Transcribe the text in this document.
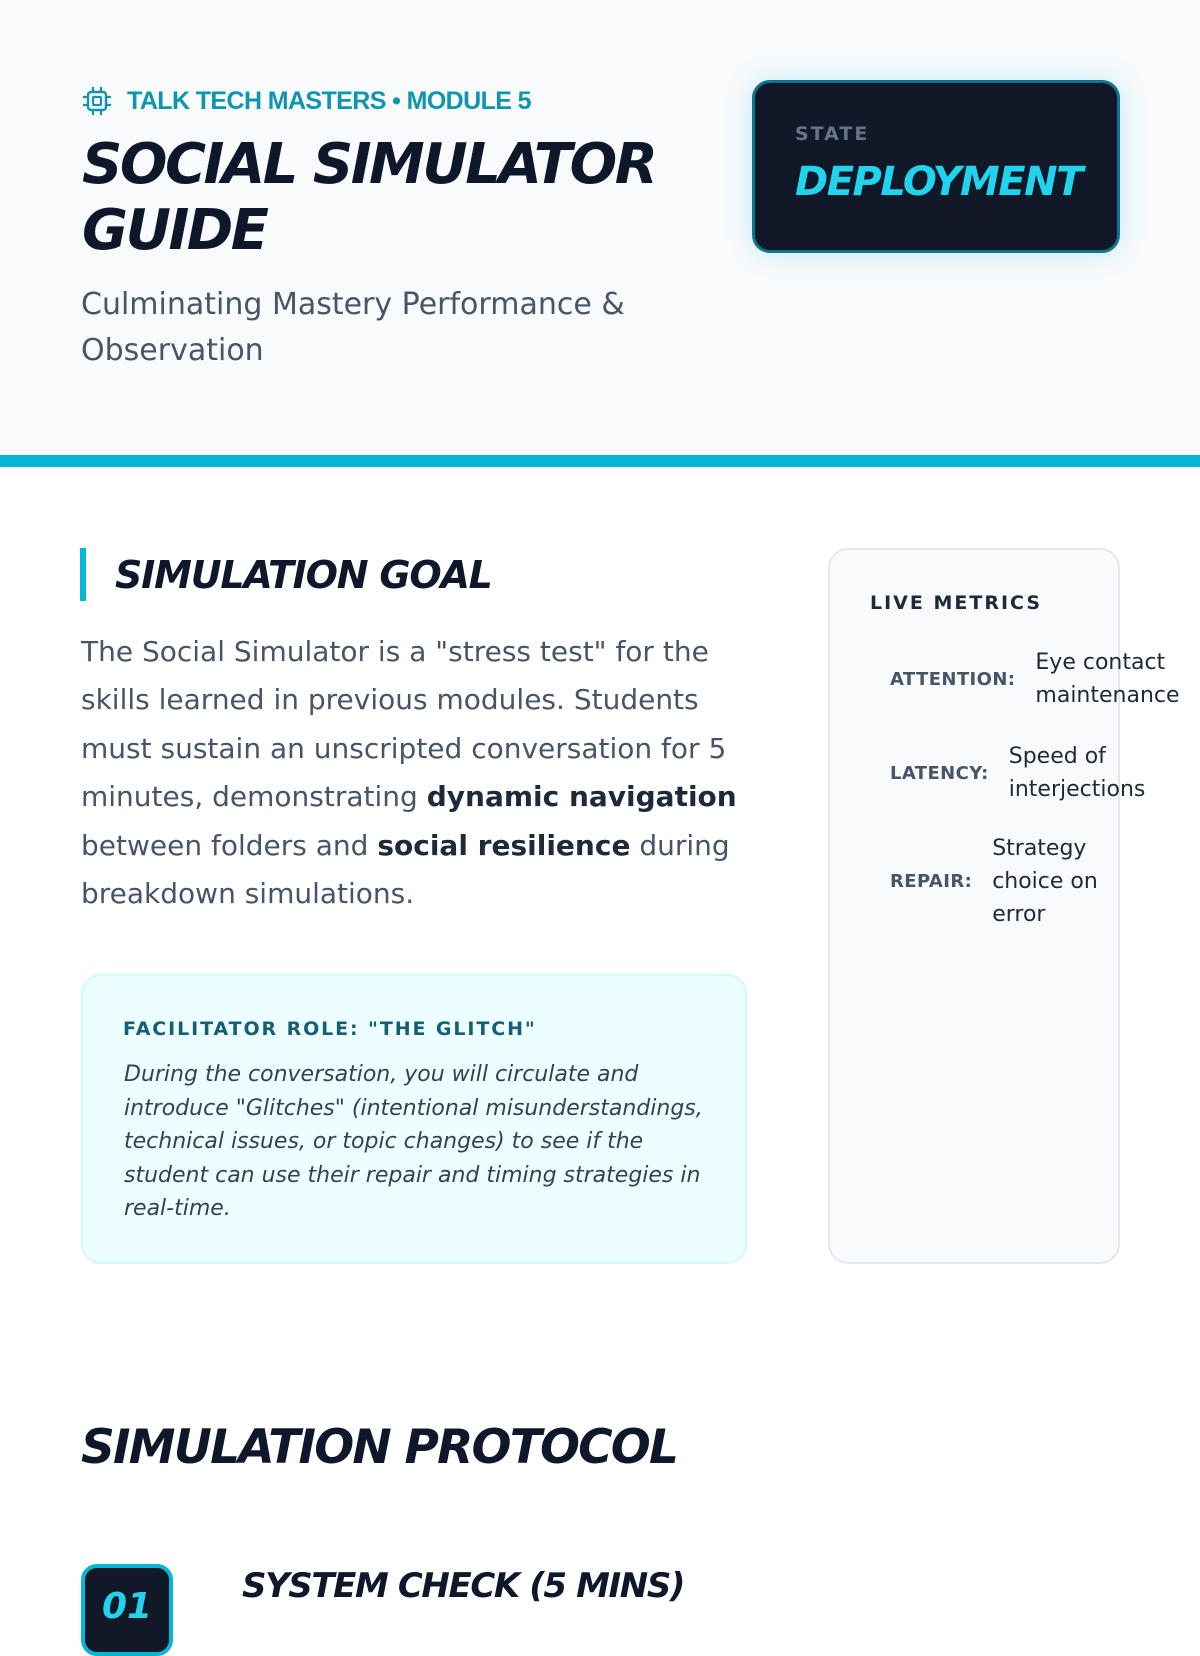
TALK TECH MASTERS • MODULE 5
SOCIAL SIMULATOR GUIDE

Culminating Mastery Performance & Observation

STATE
DEPLOYMENT
SIMULATION GOAL

The Social Simulator is a "stress test" for the skills learned in previous modules. Students must sustain an unscripted conversation for 5 minutes, demonstrating dynamic navigation between folders and social resilience during breakdown simulations.

FACILITATOR ROLE: "THE GLITCH"

During the conversation, you will circulate and introduce "Glitches" (intentional misunderstandings, technical issues, or topic changes) to see if the student can use their repair and timing strategies in real-time.

LIVE METRICS
ATTENTION:
Eye contact maintenance
LATENCY:
Speed of interjections
REPAIR:
Strategy choice on error
SIMULATION PROTOCOL
01	SYSTEM CHECK (5 MINS)
